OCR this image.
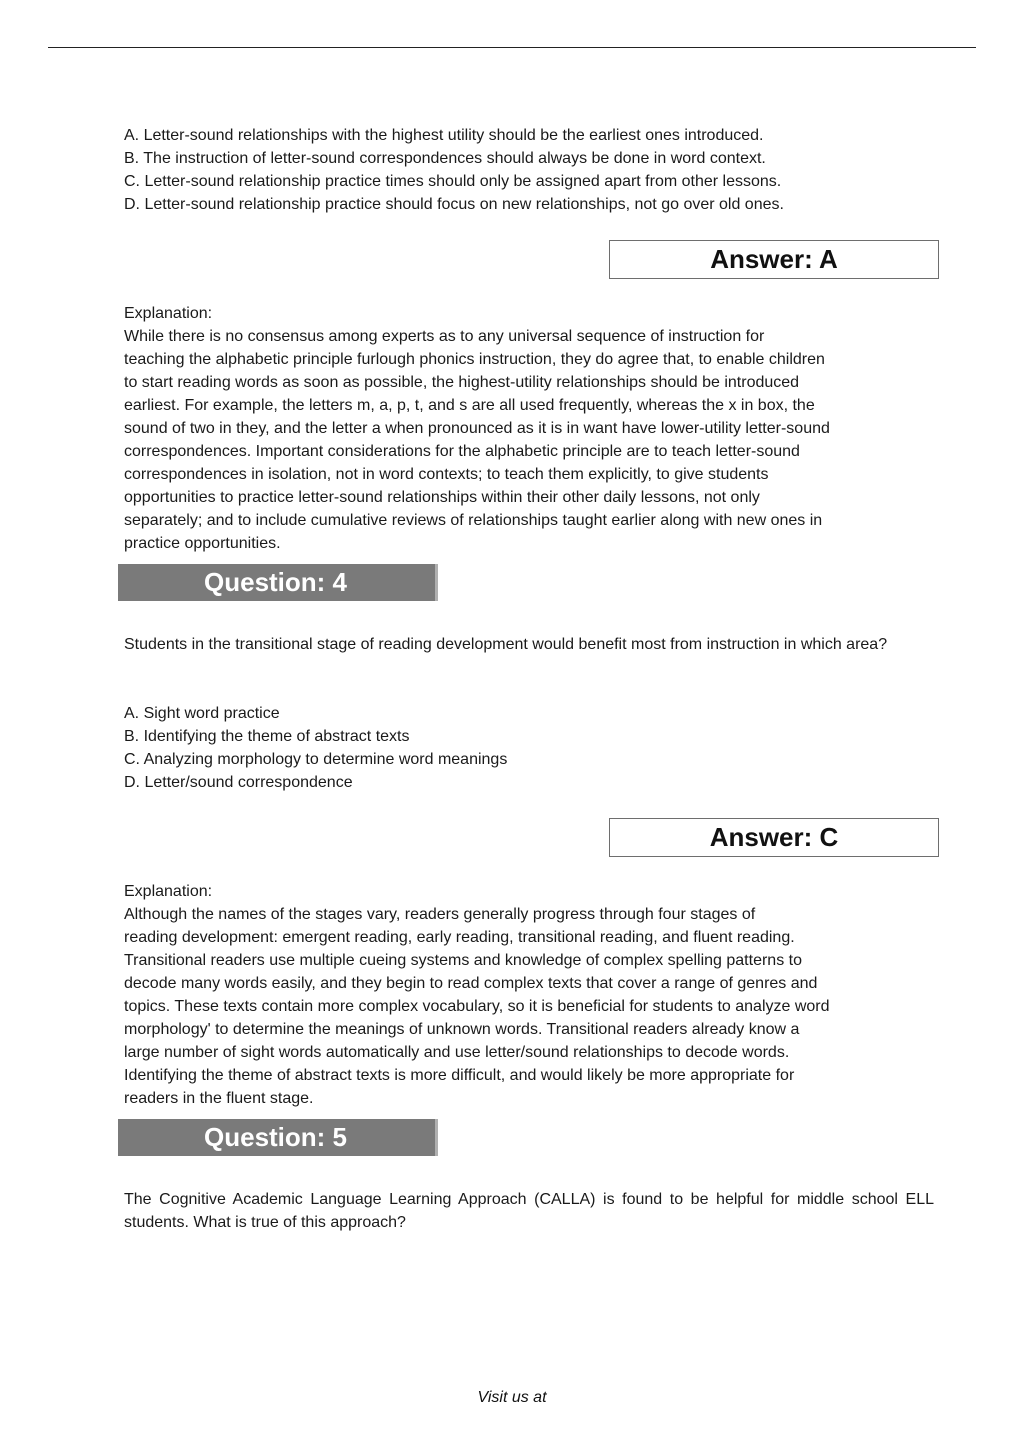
A. Letter-sound relationships with the highest utility should be the earliest ones introduced.
B. The instruction of letter-sound correspondences should always be done in word context.
C. Letter-sound relationship practice times should only be assigned apart from other lessons.
D. Letter-sound relationship practice should focus on new relationships, not go over old ones.
Answer: A
Explanation:
While there is no consensus among experts as to any universal sequence of instruction for
teaching the alphabetic principle furlough phonics instruction, they do agree that, to enable children
to start reading words as soon as possible, the highest-utility relationships should be introduced
earliest. For example, the letters m, a, p, t, and s are all used frequently, whereas the x in box, the
sound of two in they, and the letter a when pronounced as it is in want have lower-utility letter-sound
correspondences. Important considerations for the alphabetic principle are to teach letter-sound
correspondences in isolation, not in word contexts; to teach them explicitly, to give students
opportunities to practice letter-sound relationships within their other daily lessons, not only
separately; and to include cumulative reviews of relationships taught earlier along with new ones in
practice opportunities.
Question: 4

Students in the transitional stage of reading development would benefit most from instruction in which area?

A. Sight word practice
B. Identifying the theme of abstract texts
C. Analyzing morphology to determine word meanings
D. Letter/sound correspondence
Answer: C
Explanation:
Although the names of the stages vary, readers generally progress through four stages of
reading development: emergent reading, early reading, transitional reading, and fluent reading.
Transitional readers use multiple cueing systems and knowledge of complex spelling patterns to
decode many words easily, and they begin to read complex texts that cover a range of genres and
topics. These texts contain more complex vocabulary, so it is beneficial for students to analyze word
morphology' to determine the meanings of unknown words. Transitional readers already know a
large number of sight words automatically and use letter/sound relationships to decode words.
Identifying the theme of abstract texts is more difficult, and would likely be more appropriate for
readers in the fluent stage.
Question: 5

The Cognitive Academic Language Learning Approach (CALLA) is found to be helpful for middle school ELL students. What is true of this approach?

Visit us at
